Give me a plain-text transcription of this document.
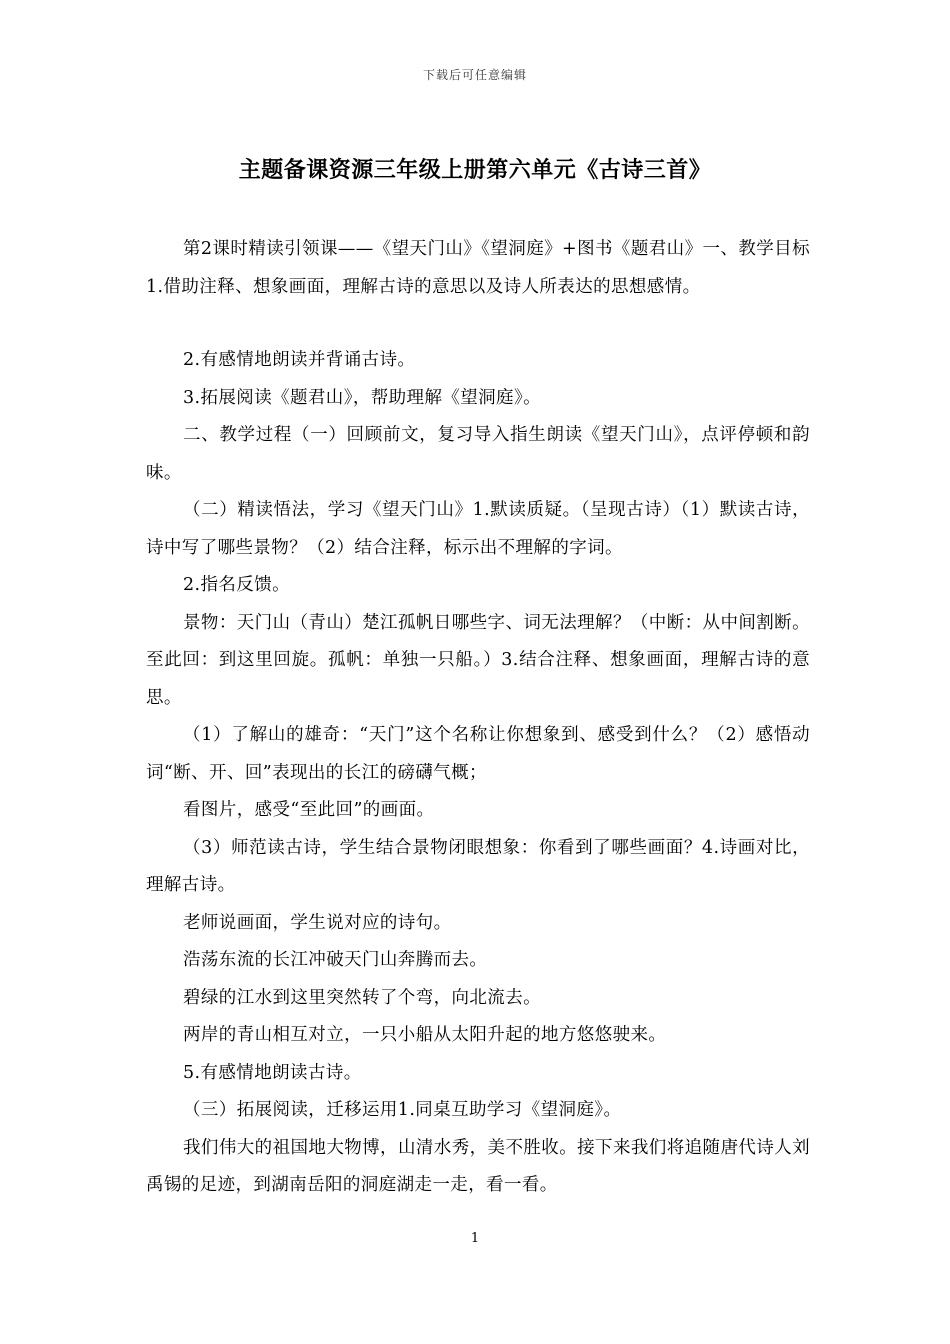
下载后可任意编辑
主题备课资源三年级上册第六单元《古诗三首》

第2课时精读引领课——《望天门山》《望洞庭》+图书《题君山》一、教学目标1.借助注释、想象画面，理解古诗的意思以及诗人所表达的思想感情。

2.有感情地朗读并背诵古诗。

3.拓展阅读《题君山》，帮助理解《望洞庭》。

二、教学过程（一）回顾前文，复习导入指生朗读《望天门山》，点评停顿和韵味。

（二）精读悟法，学习《望天门山》1.默读质疑。（呈现古诗）（1）默读古诗，诗中写了哪些景物？（2）结合注释，标示出不理解的字词。

2.指名反馈。

景物：天门山（青山）楚江孤帆日哪些字、词无法理解？（中断：从中间割断。至此回：到这里回旋。孤帆：单独一只船。）3.结合注释、想象画面，理解古诗的意思。

（1）了解山的雄奇：“天门”这个名称让你想象到、感受到什么？（2）感悟动词“断、开、回”表现出的长江的磅礴气概；

看图片，感受“至此回”的画面。

（3）师范读古诗，学生结合景物闭眼想象：你看到了哪些画面？4.诗画对比，理解古诗。

老师说画面，学生说对应的诗句。

浩荡东流的长江冲破天门山奔腾而去。

碧绿的江水到这里突然转了个弯，向北流去。

两岸的青山相互对立，一只小船从太阳升起的地方悠悠驶来。

5.有感情地朗读古诗。

（三）拓展阅读，迁移运用1.同桌互助学习《望洞庭》。

我们伟大的祖国地大物博，山清水秀，美不胜收。接下来我们将追随唐代诗人刘禹锡的足迹，到湖南岳阳的洞庭湖走一走，看一看。

1
